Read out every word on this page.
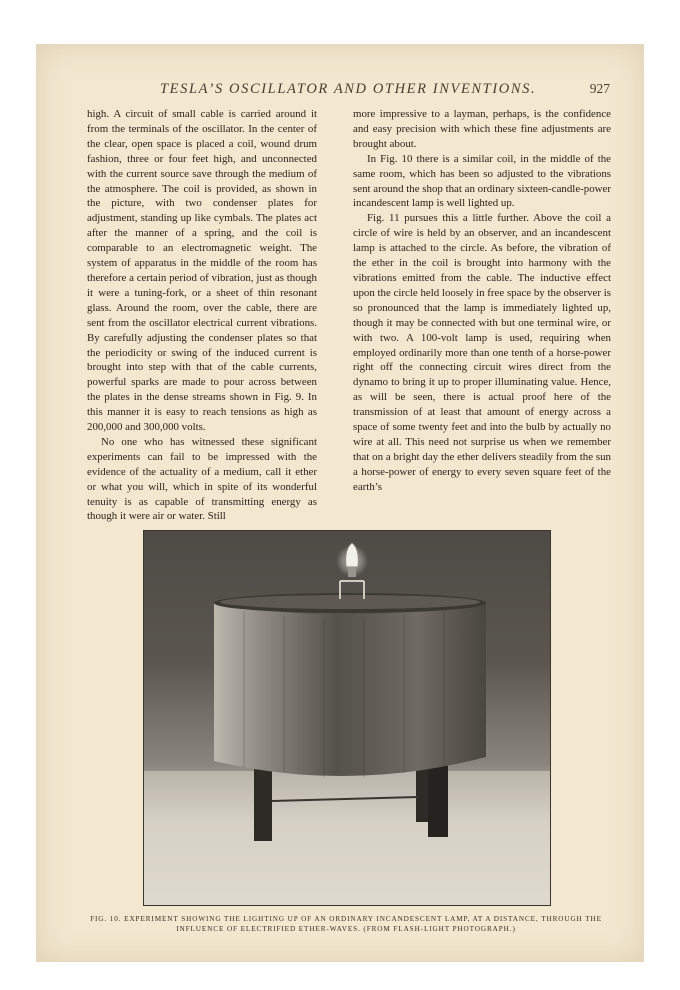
TESLA’S OSCILLATOR AND OTHER INVENTIONS.	927

high. A circuit of small cable is carried around it from the terminals of the oscillator. In the center of the clear, open space is placed a coil, wound drum fashion, three or four feet high, and unconnected with the current source save through the medium of the atmosphere. The coil is provided, as shown in the picture, with two condenser plates for adjustment, standing up like cymbals. The plates act after the manner of a spring, and the coil is comparable to an electromagnetic weight. The system of apparatus in the middle of the room has therefore a certain period of vibration, just as though it were a tuning-fork, or a sheet of thin resonant glass. Around the room, over the cable, there are sent from the oscillator electrical current vibrations. By carefully adjusting the condenser plates so that the periodicity or swing of the induced current is brought into step with that of the cable currents, powerful sparks are made to pour across between the plates in the dense streams shown in Fig. 9. In this manner it is easy to reach tensions as high as 200,000 and 300,000 volts.

No one who has witnessed these significant experiments can fail to be impressed with the evidence of the actuality of a medium, call it ether or what you will, which in spite of its wonderful tenuity is as capable of transmitting energy as though it were air or water. Still

more impressive to a layman, perhaps, is the confidence and easy precision with which these fine adjustments are brought about.

In Fig. 10 there is a similar coil, in the middle of the same room, which has been so adjusted to the vibrations sent around the shop that an ordinary sixteen-candle-power incandescent lamp is well lighted up.

Fig. 11 pursues this a little further. Above the coil a circle of wire is held by an observer, and an incandescent lamp is attached to the circle. As before, the vibration of the ether in the coil is brought into harmony with the vibrations emitted from the cable. The inductive effect upon the circle held loosely in free space by the observer is so pronounced that the lamp is immediately lighted up, though it may be connected with but one terminal wire, or with two. A 100-volt lamp is used, requiring when employed ordinarily more than one tenth of a horse-power right off the connecting circuit wires direct from the dynamo to bring it up to proper illuminating value. Hence, as will be seen, there is actual proof here of the transmission of at least that amount of energy across a space of some twenty feet and into the bulb by actually no wire at all. This need not surprise us when we remember that on a bright day the ether delivers steadily from the sun a horse-power of energy to every seven square feet of the earth’s

FIG. 10. EXPERIMENT SHOWING THE LIGHTING UP OF AN ORDINARY INCANDESCENT LAMP, AT A DISTANCE, THROUGH THE INFLUENCE OF ELECTRIFIED ETHER-WAVES. (FROM FLASH-LIGHT PHOTOGRAPH.)
